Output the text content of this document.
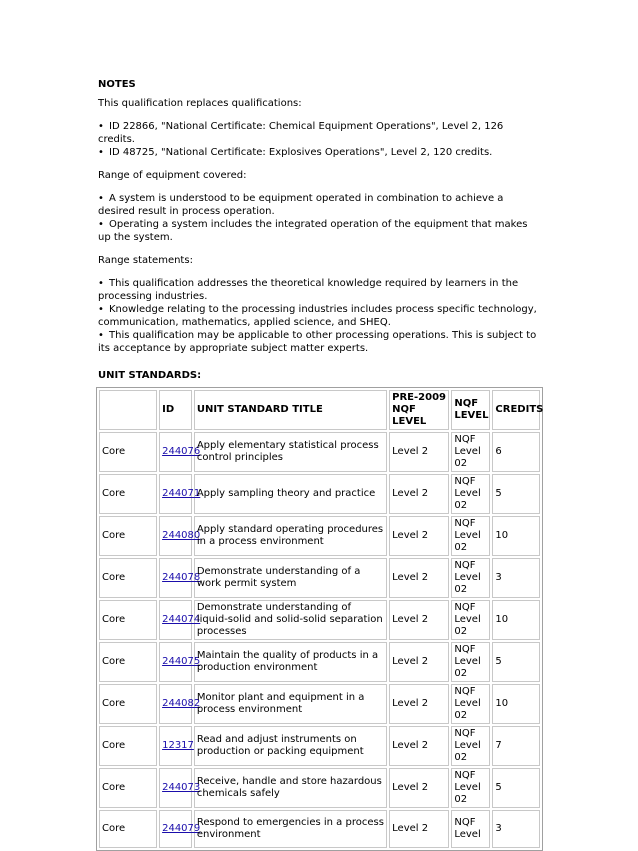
NOTES

This qualification replaces qualifications:

• ID 22866, "National Certificate: Chemical Equipment Operations", Level 2, 126 credits.
• ID 48725, "National Certificate: Explosives Operations", Level 2, 120 credits.

Range of equipment covered:

• A system is understood to be equipment operated in combination to achieve a desired result in process operation.
• Operating a system includes the integrated operation of the equipment that makes up the system.

Range statements:

• This qualification addresses the theoretical knowledge required by learners in the processing industries.
• Knowledge relating to the processing industries includes process specific technology, communication, mathematics, applied science, and SHEQ.
• This qualification may be applicable to other processing operations. This is subject to its acceptance by appropriate subject matter experts.
UNIT STANDARDS:
	ID	UNIT STANDARD TITLE	PRE-2009 NQF LEVEL	NQF LEVEL	CREDITS
Core	244076	Apply elementary statistical process control principles	Level 2	NQF
Level
02	6
Core	244071	Apply sampling theory and practice	Level 2	NQF
Level
02	5
Core	244080	Apply standard operating procedures in a process environment	Level 2	NQF
Level
02	10
Core	244078	Demonstrate understanding of a work permit system	Level 2	NQF
Level
02	3
Core	244074	Demonstrate understanding of liquid-solid and solid-solid separation processes	Level 2	NQF
Level
02	10
Core	244075	Maintain the quality of products in a production environment	Level 2	NQF
Level
02	5
Core	244082	Monitor plant and equipment in a process environment	Level 2	NQF
Level
02	10
Core	12317	Read and adjust instruments on production or packing equipment	Level 2	NQF
Level
02	7
Core	244073	Receive, handle and store hazardous chemicals safely	Level 2	NQF
Level
02	5
Core	244079	Respond to emergencies in a process environment	Level 2	NQF
Level	3
